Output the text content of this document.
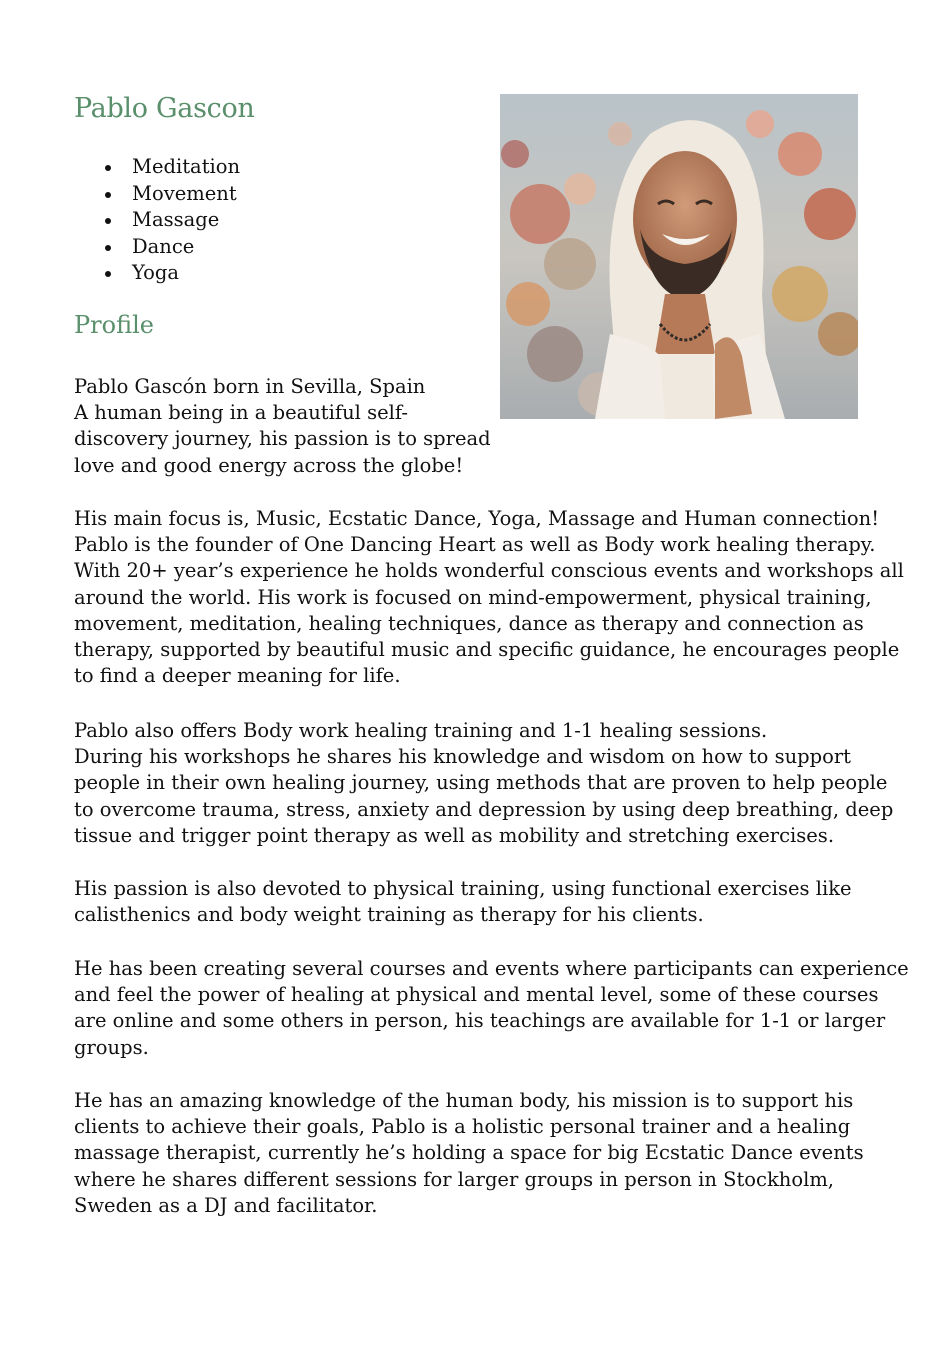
Pablo Gascon
Meditation
Movement
Massage
Dance
Yoga
Profile
Pablo Gascón born in Sevilla, Spain
A human being in a beautiful self-
discovery journey, his passion is to spread
love and good energy across the globe!
His main focus is, Music, Ecstatic Dance, Yoga, Massage and Human connection!
Pablo is the founder of One Dancing Heart as well as Body work healing therapy.
With 20+ year’s experience he holds wonderful conscious events and workshops all
around the world. His work is focused on mind-empowerment, physical training,
movement, meditation, healing techniques, dance as therapy and connection as
therapy, supported by beautiful music and specific guidance, he encourages people
to find a deeper meaning for life.
Pablo also offers Body work healing training and 1-1 healing sessions.
During his workshops he shares his knowledge and wisdom on how to support
people in their own healing journey, using methods that are proven to help people
to overcome trauma, stress, anxiety and depression by using deep breathing, deep
tissue and trigger point therapy as well as mobility and stretching exercises.
His passion is also devoted to physical training, using functional exercises like
calisthenics and body weight training as therapy for his clients.
He has been creating several courses and events where participants can experience
and feel the power of healing at physical and mental level, some of these courses
are online and some others in person, his teachings are available for 1-1 or larger
groups.
He has an amazing knowledge of the human body, his mission is to support his
clients to achieve their goals, Pablo is a holistic personal trainer and a healing
massage therapist, currently he’s holding a space for big Ecstatic Dance events
where he shares different sessions for larger groups in person in Stockholm,
Sweden as a DJ and facilitator.
